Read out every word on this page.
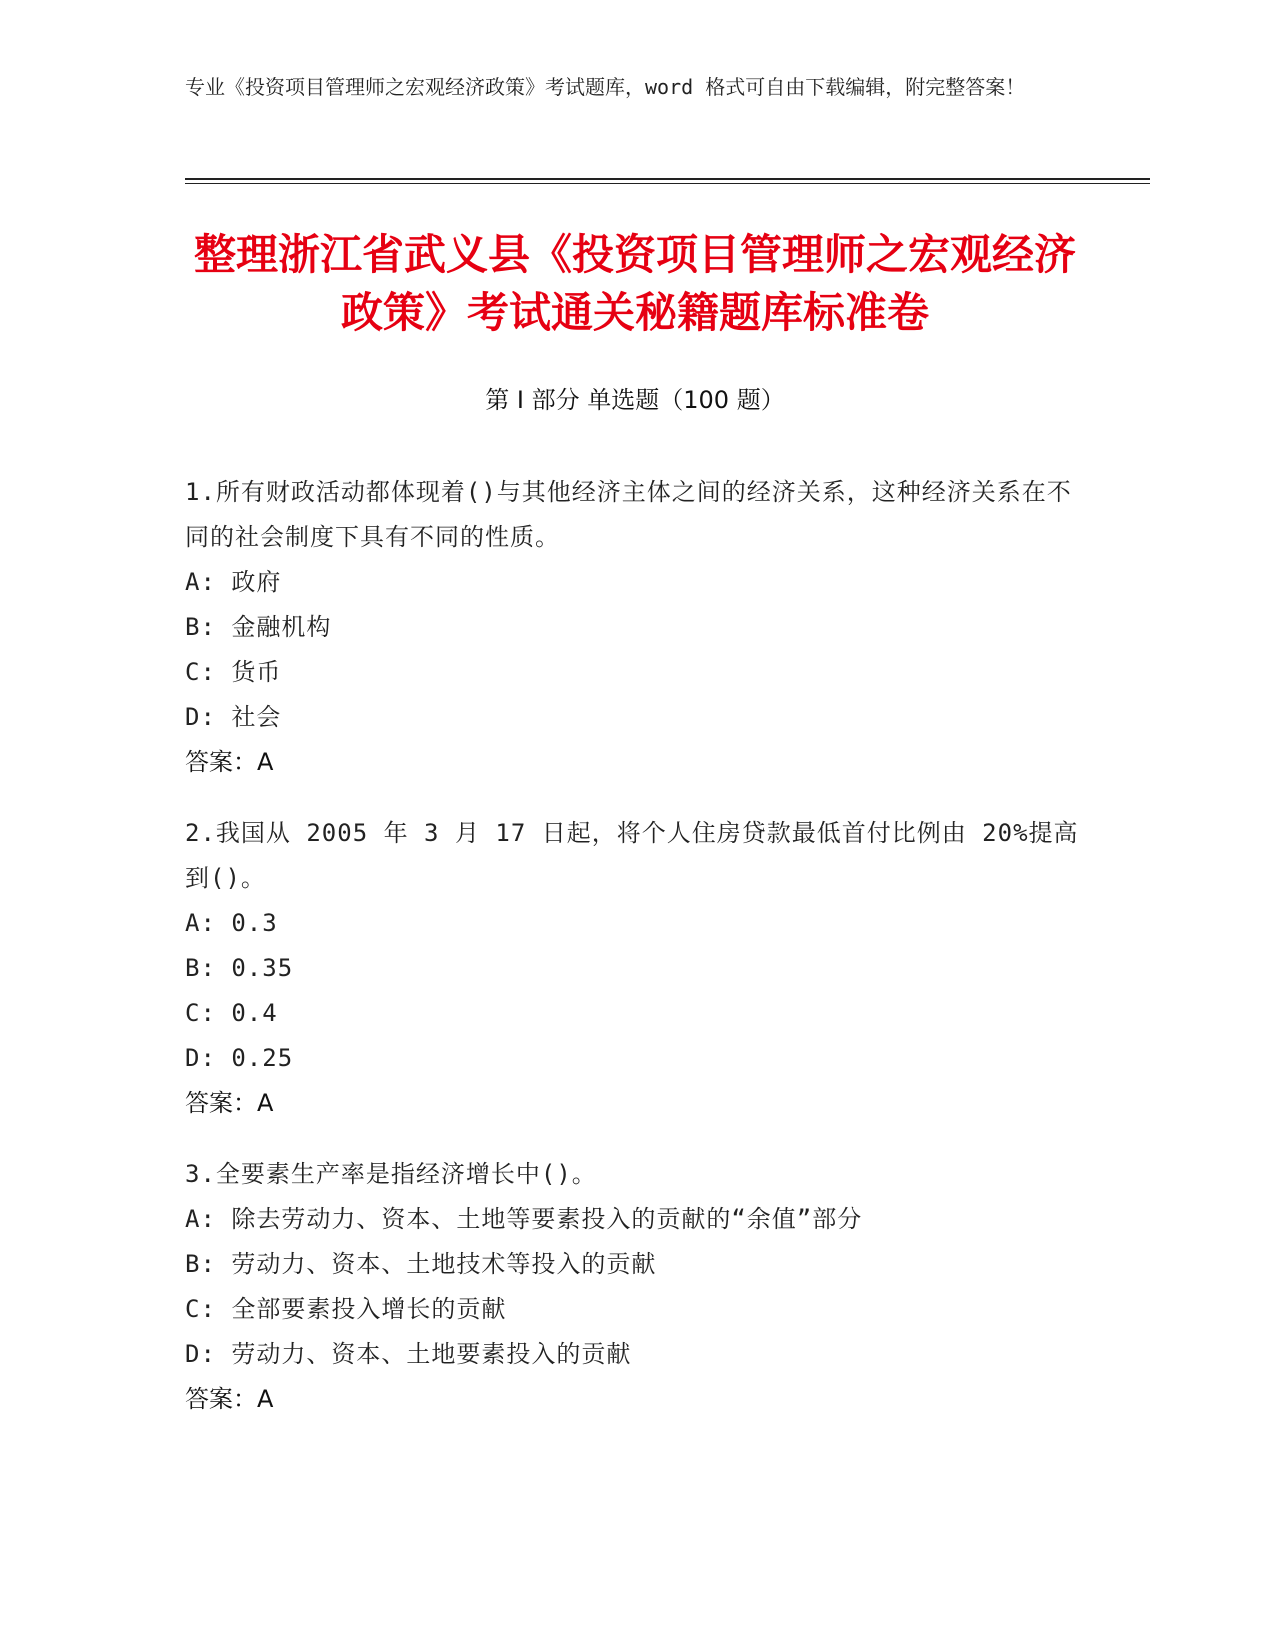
专业《投资项目管理师之宏观经济政策》考试题库，word 格式可自由下载编辑，附完整答案！
整理浙江省武义县《投资项目管理师之宏观经济政策》考试通关秘籍题库标准卷
第 I 部分 单选题（100 题）

1.所有财政活动都体现着()与其他经济主体之间的经济关系，这种经济关系在不同的社会制度下具有不同的性质。

A: 政府

B: 金融机构

C: 货币

D: 社会

答案：A

2.我国从 2005 年 3 月 17 日起，将个人住房贷款最低首付比例由 20%提高到()。

A: 0.3

B: 0.35

C: 0.4

D: 0.25

答案：A

3.全要素生产率是指经济增长中()。

A: 除去劳动力、资本、土地等要素投入的贡献的“余值”部分

B: 劳动力、资本、土地技术等投入的贡献

C: 全部要素投入增长的贡献

D: 劳动力、资本、土地要素投入的贡献

答案：A
